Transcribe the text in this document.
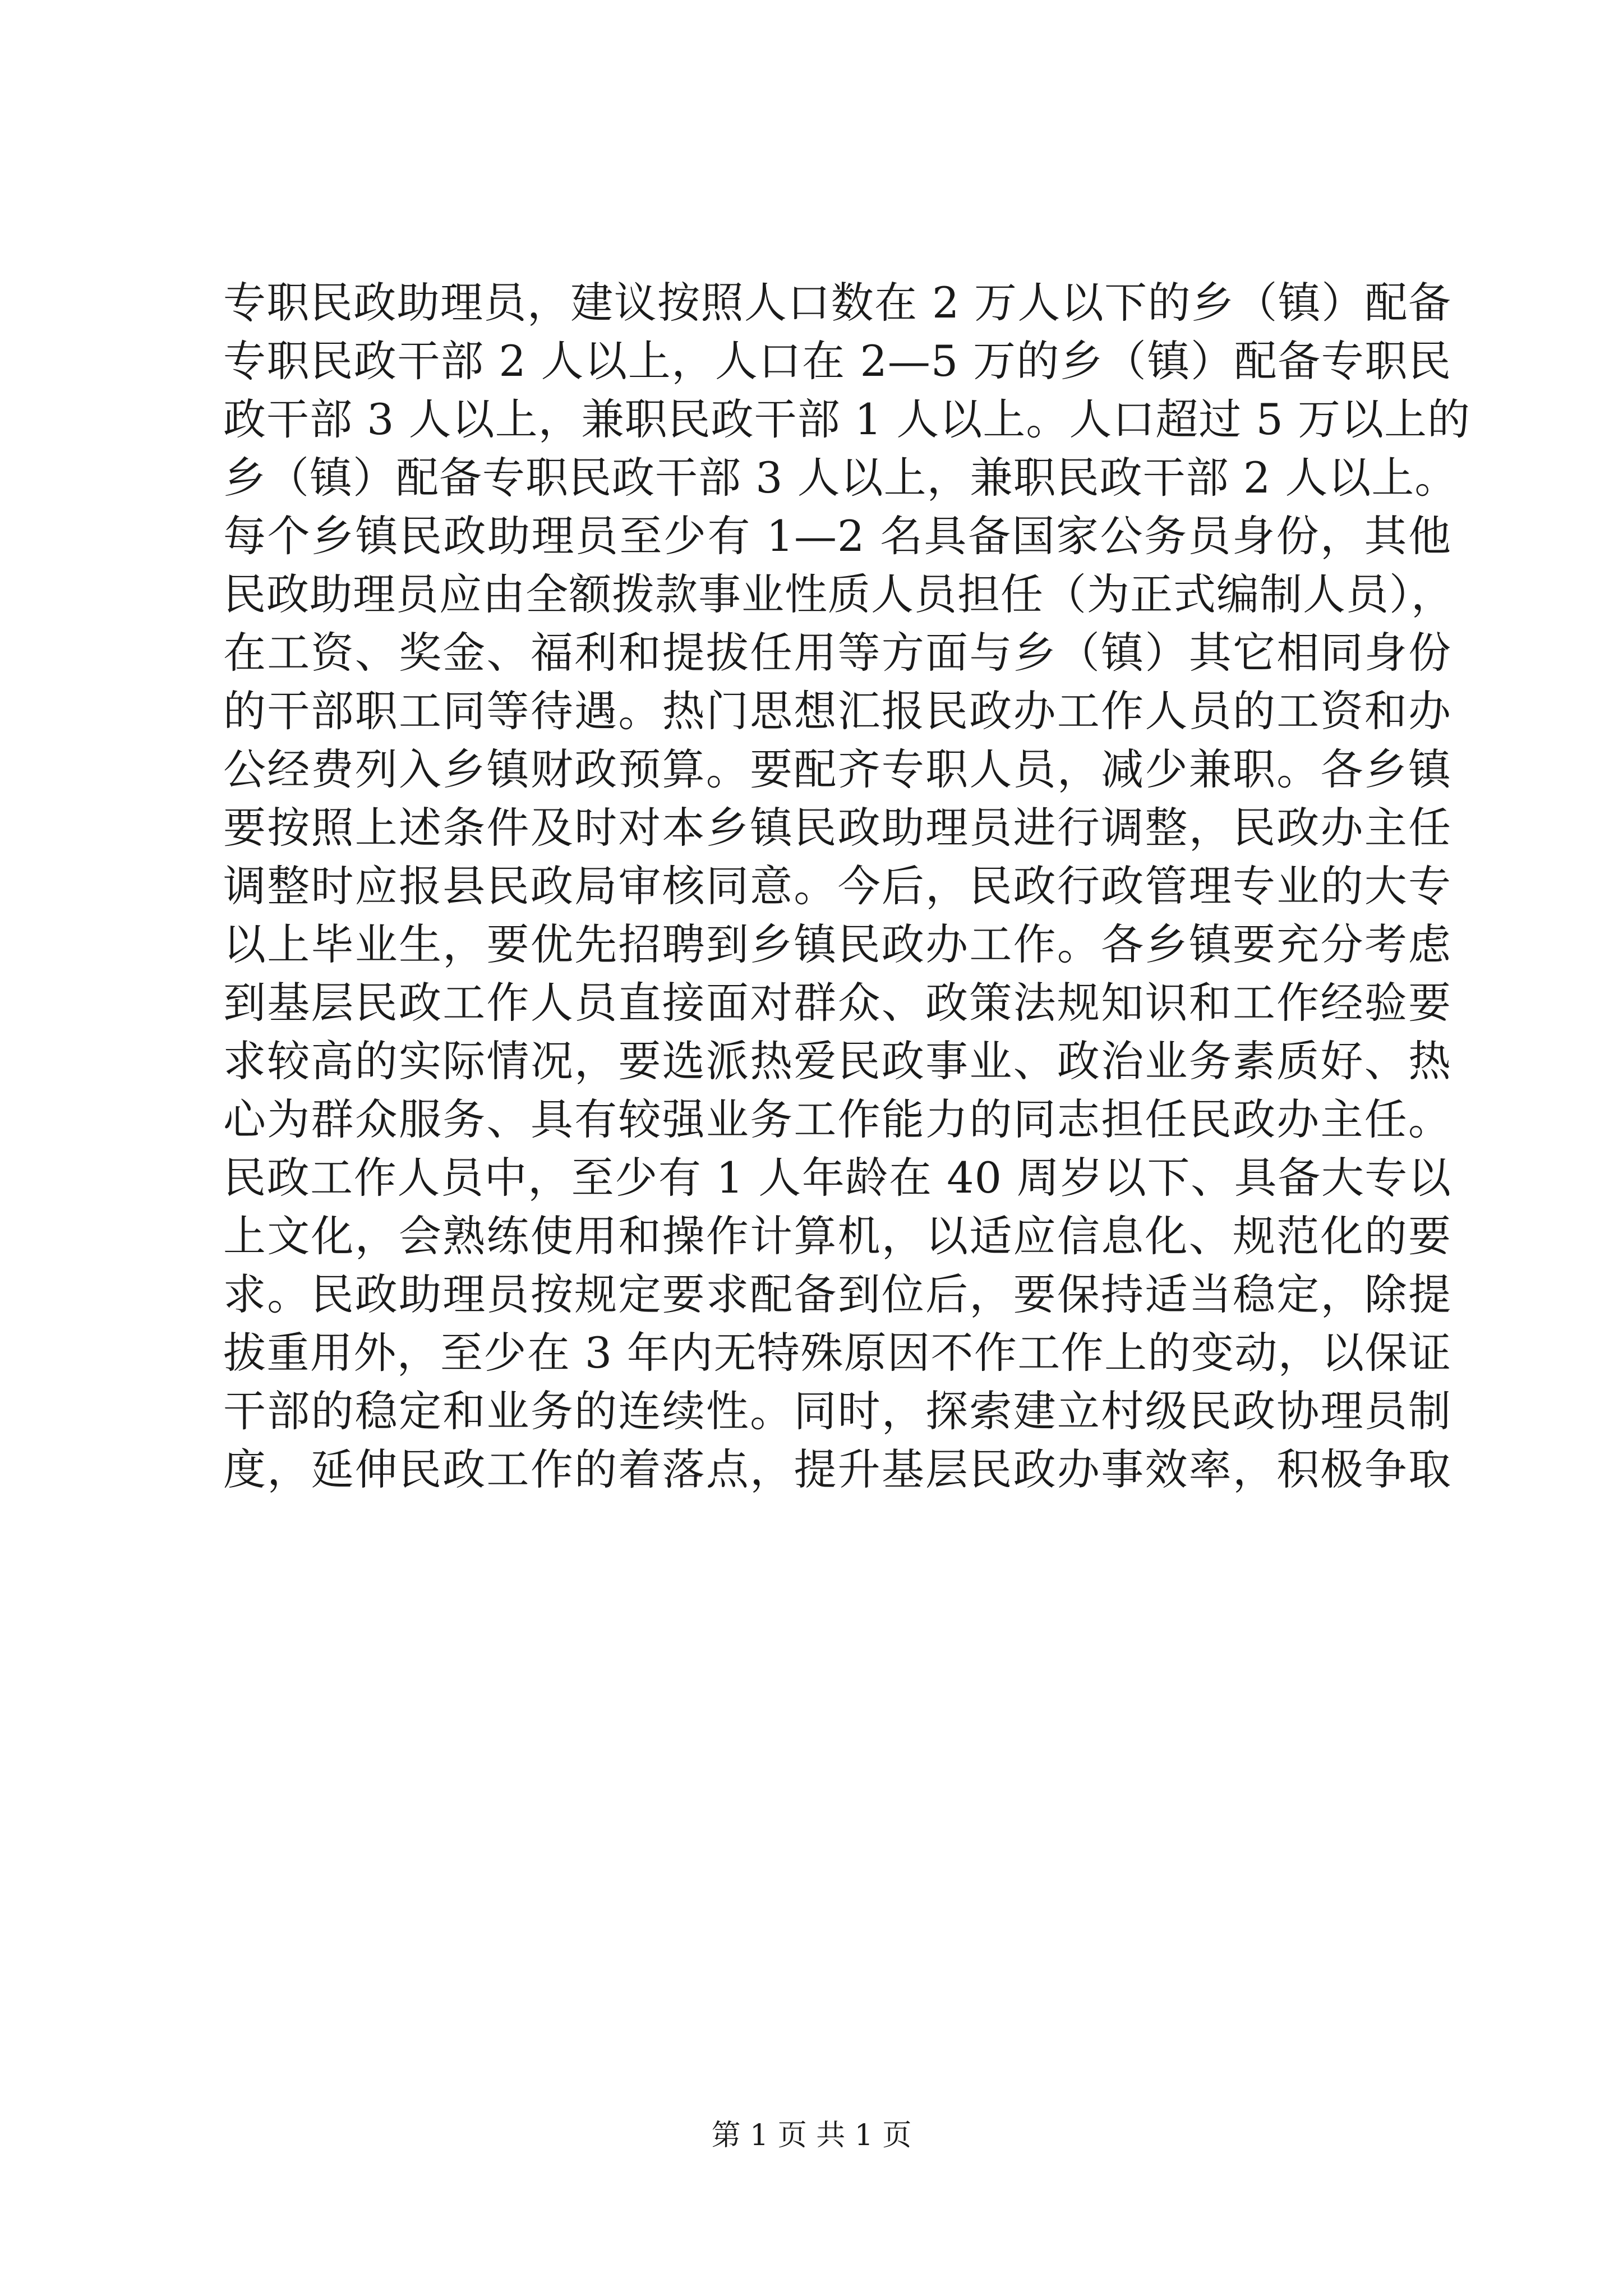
专职民政助理员，建议按照人口数在 2 万人以下的乡（镇）配备
专职民政干部 2 人以上，人口在 2—5 万的乡（镇）配备专职民
政干部 3 人以上，兼职民政干部 1 人以上。人口超过 5 万以上的
乡（镇）配备专职民政干部 3 人以上，兼职民政干部 2 人以上。
每个乡镇民政助理员至少有 1—2 名具备国家公务员身份，其他
民政助理员应由全额拨款事业性质人员担任（为正式编制人员），
在工资、奖金、福利和提拔任用等方面与乡（镇）其它相同身份
的干部职工同等待遇。热门思想汇报民政办工作人员的工资和办
公经费列入乡镇财政预算。要配齐专职人员，减少兼职。各乡镇
要按照上述条件及时对本乡镇民政助理员进行调整，民政办主任
调整时应报县民政局审核同意。今后，民政行政管理专业的大专
以上毕业生，要优先招聘到乡镇民政办工作。各乡镇要充分考虑
到基层民政工作人员直接面对群众、政策法规知识和工作经验要
求较高的实际情况，要选派热爱民政事业、政治业务素质好、热
心为群众服务、具有较强业务工作能力的同志担任民政办主任。
民政工作人员中，至少有 1 人年龄在 40 周岁以下、具备大专以
上文化，会熟练使用和操作计算机，以适应信息化、规范化的要
求。民政助理员按规定要求配备到位后，要保持适当稳定，除提
拔重用外，至少在 3 年内无特殊原因不作工作上的变动，以保证
干部的稳定和业务的连续性。同时，探索建立村级民政协理员制
度，延伸民政工作的着落点，提升基层民政办事效率，积极争取
第 1 页 共 1 页
